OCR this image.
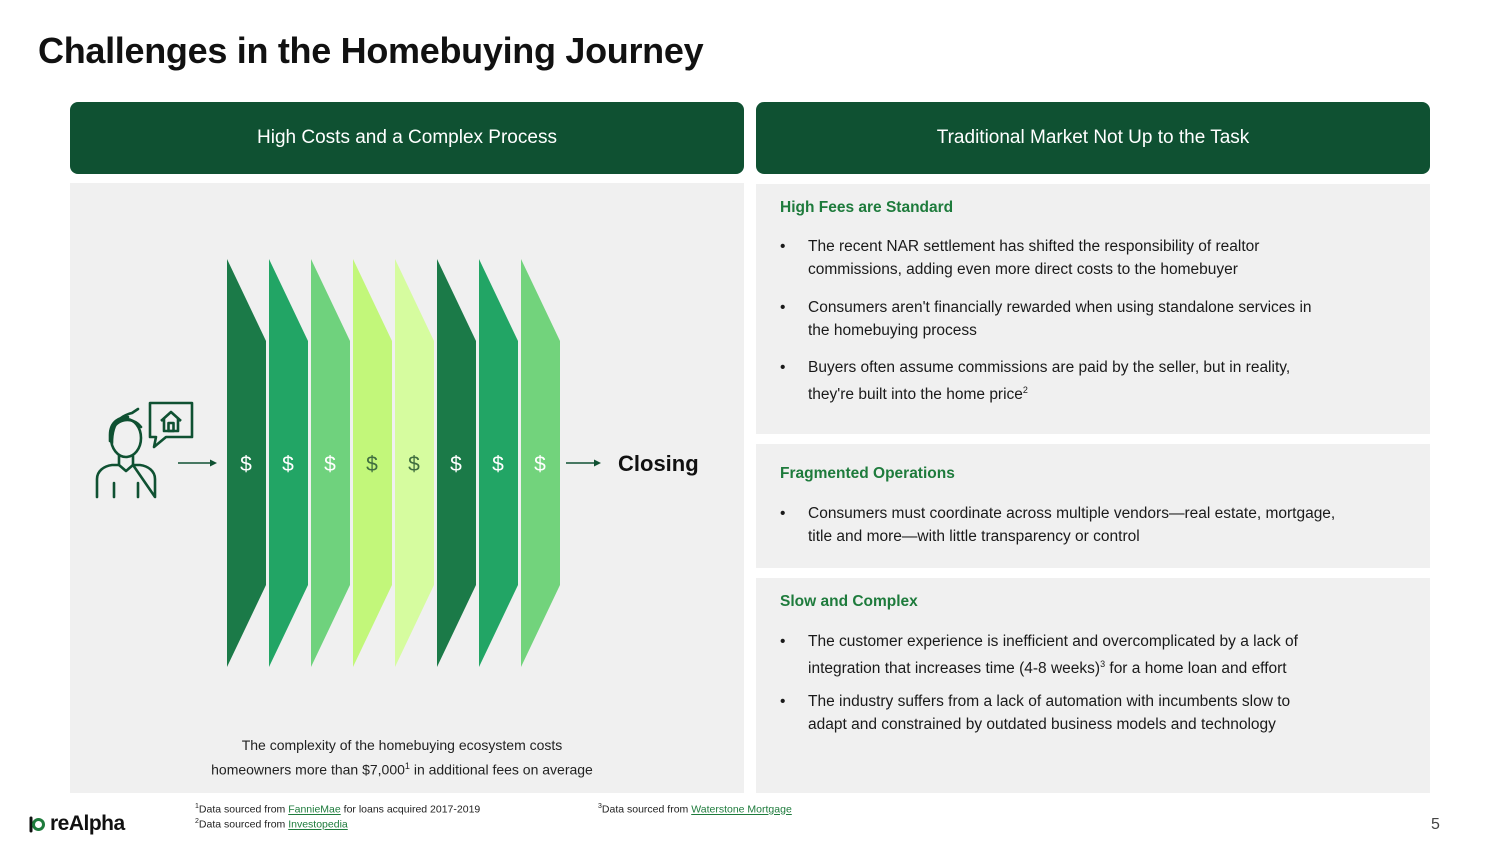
Challenges in the Homebuying Journey
High Costs and a Complex Process	Traditional Market Not Up to the Task
$ $ $ $ $ $ $ $	Closing
The complexity of the homebuying ecosystem costs
homeowners more than $7,000$^1$ in additional fees on average
High Fees are Standard
• The recent NAR settlement has shifted the responsibility of realtor
commissions, adding even more direct costs to the homebuyer
• Consumers aren't financially rewarded when using standalone services in
the homebuying process
• Buyers often assume commissions are paid by the seller, but in reality,
they're built into the home price$^2$
Fragmented Operations
• Consumers must coordinate across multiple vendors—real estate, mortgage,
title and more—with little transparency or control
Slow and Complex
• The customer experience is inefficient and overcomplicated by a lack of
integration that increases time (4-8 weeks)$^3$ for a home loan and effort
• The industry suffers from a lack of automation with incumbents slow to
adapt and constrained by outdated business models and technology
$^1$Data sourced from FannieMae for loans acquired 2017-2019
$^2$Data sourced from Investopedia
$^3$Data sourced from Waterstone Mortgage
reAlpha	5
